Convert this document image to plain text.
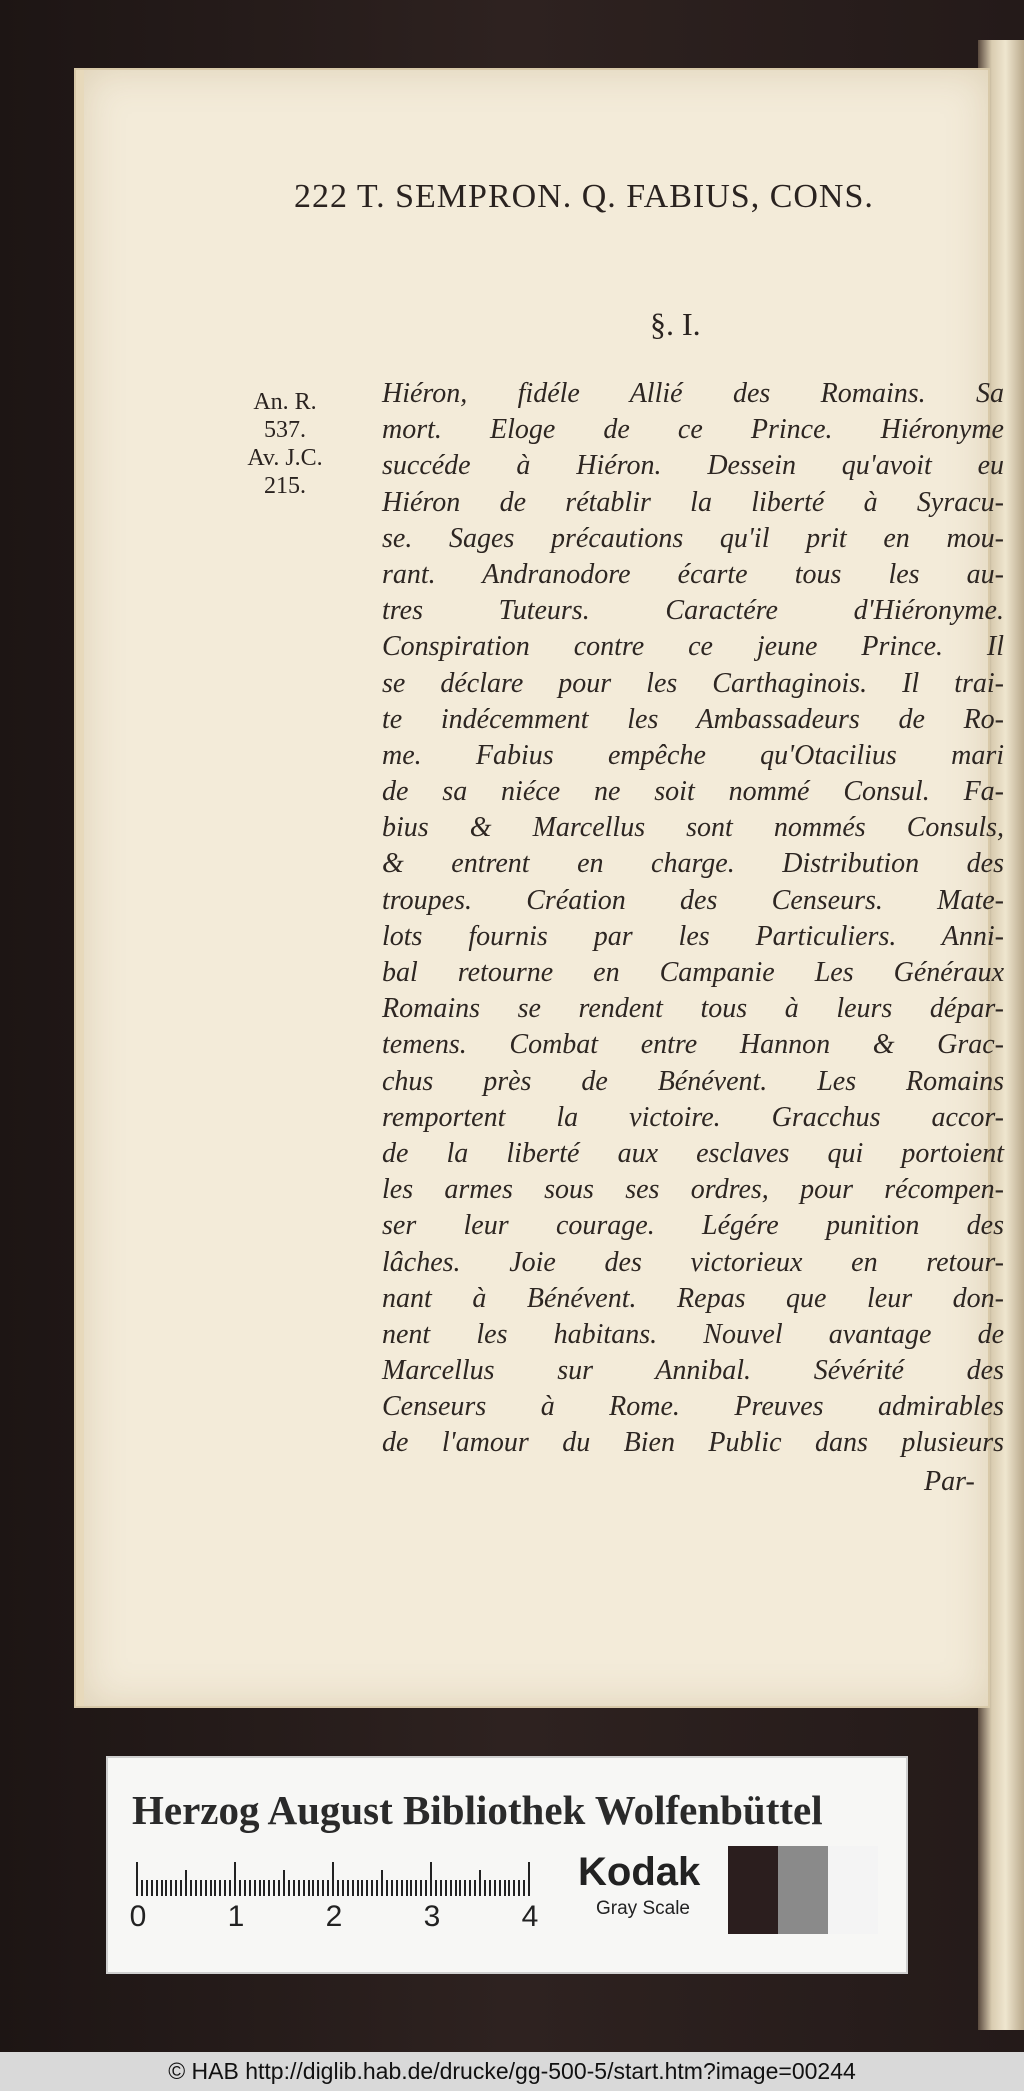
222 T. SEMPRON. Q. FABIUS, CONS.
§. I.
An. R.
537.
Av. J.C.
215.
Hiéron, fidéle Allié des Romains. Sa
mort. Eloge de ce Prince. Hiéronyme
succéde à Hiéron. Dessein qu'avoit eu
Hiéron de rétablir la liberté à Syracu-
se. Sages précautions qu'il prit en mou-
rant. Andranodore écarte tous les au-
tres Tuteurs. Caractére d'Hiéronyme.
Conspiration contre ce jeune Prince. Il
se déclare pour les Carthaginois. Il trai-
te indécemment les Ambassadeurs de Ro-
me. Fabius empêche qu'Otacilius mari
de sa niéce ne soit nommé Consul. Fa-
bius & Marcellus sont nommés Consuls,
& entrent en charge. Distribution des
troupes. Création des Censeurs. Mate-
lots fournis par les Particuliers. Anni-
bal retourne en Campanie Les Généraux
Romains se rendent tous à leurs dépar-
temens. Combat entre Hannon & Grac-
chus près de Bénévent. Les Romains
remportent la victoire. Gracchus accor-
de la liberté aux esclaves qui portoient
les armes sous ses ordres, pour récompen-
ser leur courage. Légére punition des
lâches. Joie des victorieux en retour-
nant à Bénévent. Repas que leur don-
nent les habitans. Nouvel avantage de
Marcellus sur Annibal. Sévérité des
Censeurs à Rome. Preuves admirables
de l'amour du Bien Public dans plusieurs
Par-
Herzog August Bibliothek Wolfenbüttel
0	1	2	3	4
Kodak
Gray Scale
© HAB http://diglib.hab.de/drucke/gg-500-5/start.htm?image=00244
